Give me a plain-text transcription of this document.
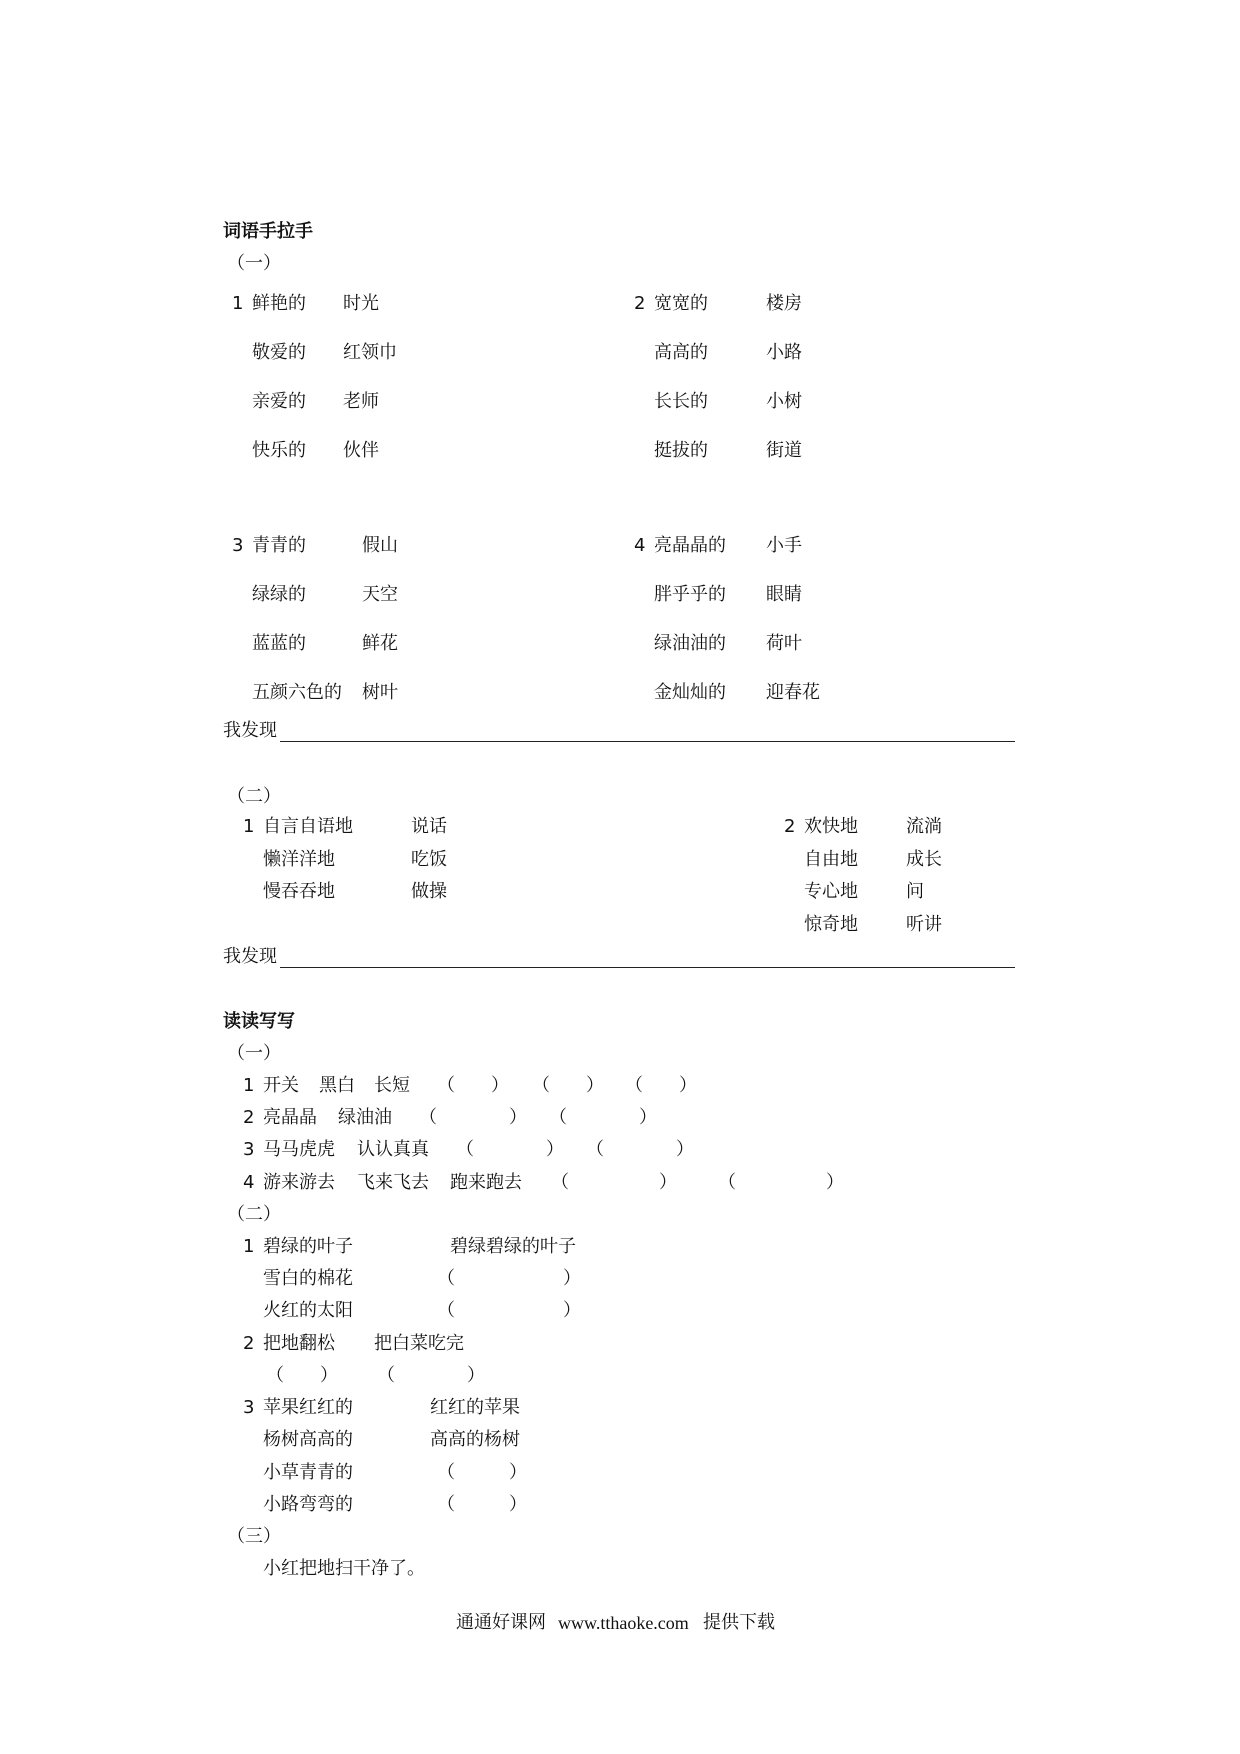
词语手拉手
（一）
1 鲜艳的 时光
敬爱的 红领巾
亲爱的 老师
快乐的 伙伴
2 宽宽的	楼房
高高的	小路
长长的	小树
挺拔的	街道
3 青青的	假山
绿绿的	天空
蓝蓝的	鲜花
五颜六色的 树叶
4 亮晶晶的 小手
胖乎乎的 眼睛
绿油油的 荷叶
金灿灿的 迎春花
我发现
（二）
1 自言自语地	说话
懒洋洋地	吃饭
慢吞吞地	做操
2 欢快地	流淌
自由地	成长
专心地	问
惊奇地	听讲
我发现
读读写写
（一）
1 开关 黑白 长短 （　　） （　　） （　　）
2 亮晶晶 绿油油 （　　　　） （　　　　）
3 马马虎虎 认认真真 （　　　　） （　　　　）
4 游来游去 飞来飞去 跑来跑去 （　　　　　） （　　　　　）
（二）
1 碧绿的叶子	碧绿碧绿的叶子
雪白的棉花	（　　　　　　）
火红的太阳	（　　　　　　）
2 把地翻松 把白菜吃完
（　　） （　　　　）
3 苹果红红的	红红的苹果
杨树高高的	高高的杨树
小草青青的	（　　　）
小路弯弯的	（　　　）
（三）
小红把地扫干净了。
通通好课网 www.tthaoke.com 提供下载
